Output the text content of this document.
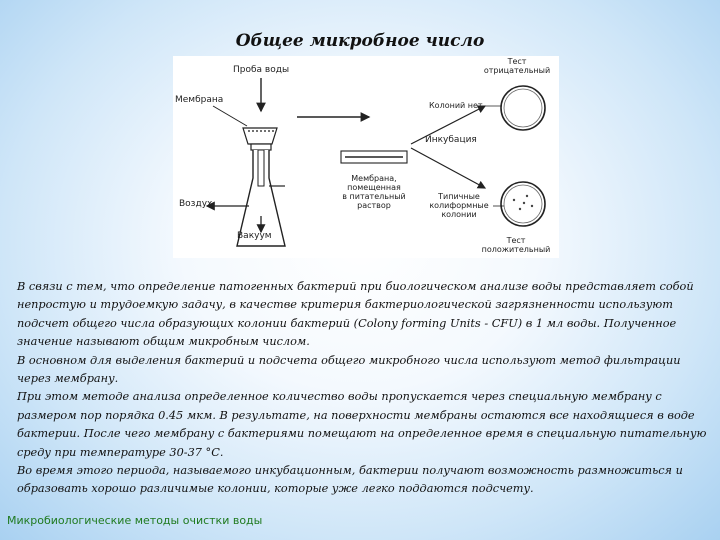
Общее микробное число
Проба воды
Мембрана
Воздух
Вакуум
Мембрана,
помещенная
в питательный
раствор
Инкубация
Тест
отрицательный
Колоний нет
Типичные
колиформные
колонии
Тест
положительный

В связи с тем, что определение патогенных бактерий при биологическом анализе воды представляет собой непростую и трудоемкую задачу, в качестве критерия бактериологической загрязненности используют подсчет общего числа образующих колонии бактерий (Colony forming Units - CFU) в 1 мл воды. Полученное значение называют общим микробным числом.

В основном для выделения бактерий и подсчета общего микробного числа используют метод фильтрации через мембрану.

При этом методе анализа определенное количество воды пропускается через специальную мембрану с размером пор порядка 0.45 мкм. В результате, на поверхности мембраны остаются все находящиеся в воде бактерии. После чего мембрану с бактериями помещают на определенное время в специальную питательную среду при температуре 30-37 °С.

Во время этого периода, называемого инкубационным, бактерии получают возможность размножиться и образовать хорошо различимые колонии, которые уже легко поддаются подсчету.

Микробиологические методы очистки воды
